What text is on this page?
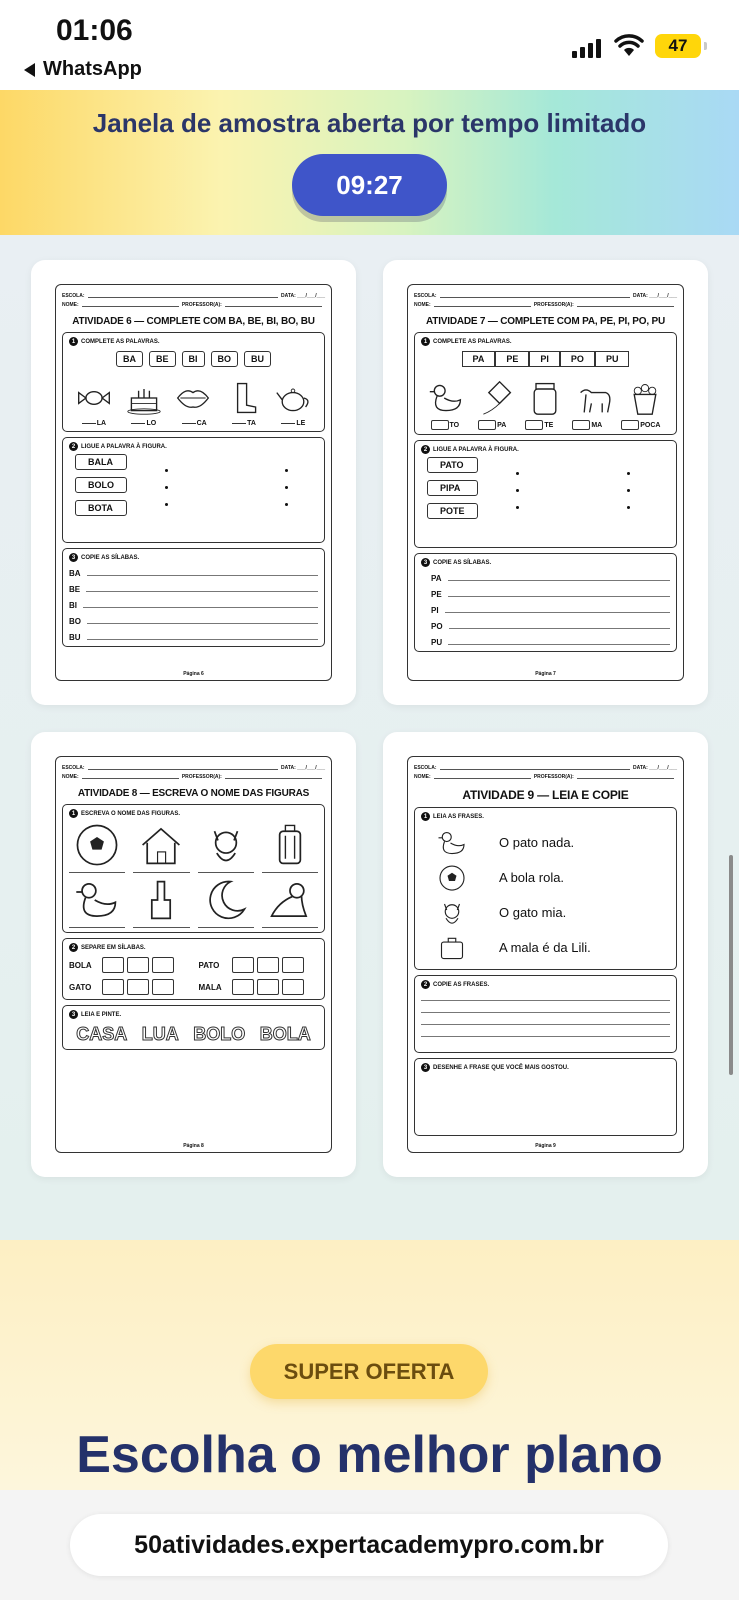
01:06
WhatsApp
47
Janela de amostra aberta por tempo limitado
09:27
ESCOLA:	DATA: ___/___/___
NOME:	PROFESSOR(A):
ATIVIDADE 6 — COMPLETE COM BA, BE, BI, BO, BU
1 COMPLETE AS PALAVRAS.
BA	BE	BI	BO	BU
LA	LO	CA	TA	LE
2 LIGUE A PALAVRA À FIGURA.
BALA
BOLO
BOTA
3 COPIE AS SÍLABAS.
BA
BE
BI
BO
BU
Página 6
ESCOLA:	DATA: ___/___/___
NOME:	PROFESSOR(A):
ATIVIDADE 7 — COMPLETE COM PA, PE, PI, PO, PU
1 COMPLETE AS PALAVRAS.
PA	PE	PI	PO	PU
TO	PA	TE	MA	POCA
2 LIGUE A PALAVRA À FIGURA.
PATO
PIPA
POTE
3 COPIE AS SÍLABAS.
PA
PE
PI
PO
PU
Página 7
ESCOLA:	DATA: ___/___/___
NOME:	PROFESSOR(A):
ATIVIDADE 8 — ESCREVA O NOME DAS FIGURAS
1 ESCREVA O NOME DAS FIGURAS.
2 SEPARE EM SÍLABAS.
BOLA	PATO
GATO	MALA
3 LEIA E PINTE.
CASA LUA BOLO BOLA
Página 8
ESCOLA:	DATA: ___/___/___
NOME:	PROFESSOR(A):
ATIVIDADE 9 — LEIA E COPIE
1 LEIA AS FRASES.
O pato nada.
A bola rola.
O gato mia.
A mala é da Lili.
2 COPIE AS FRASES.
3 DESENHE A FRASE QUE VOCÊ MAIS GOSTOU.
Página 9
SUPER OFERTA
Escolha o melhor plano
50atividades.expertacademypro.com.br
